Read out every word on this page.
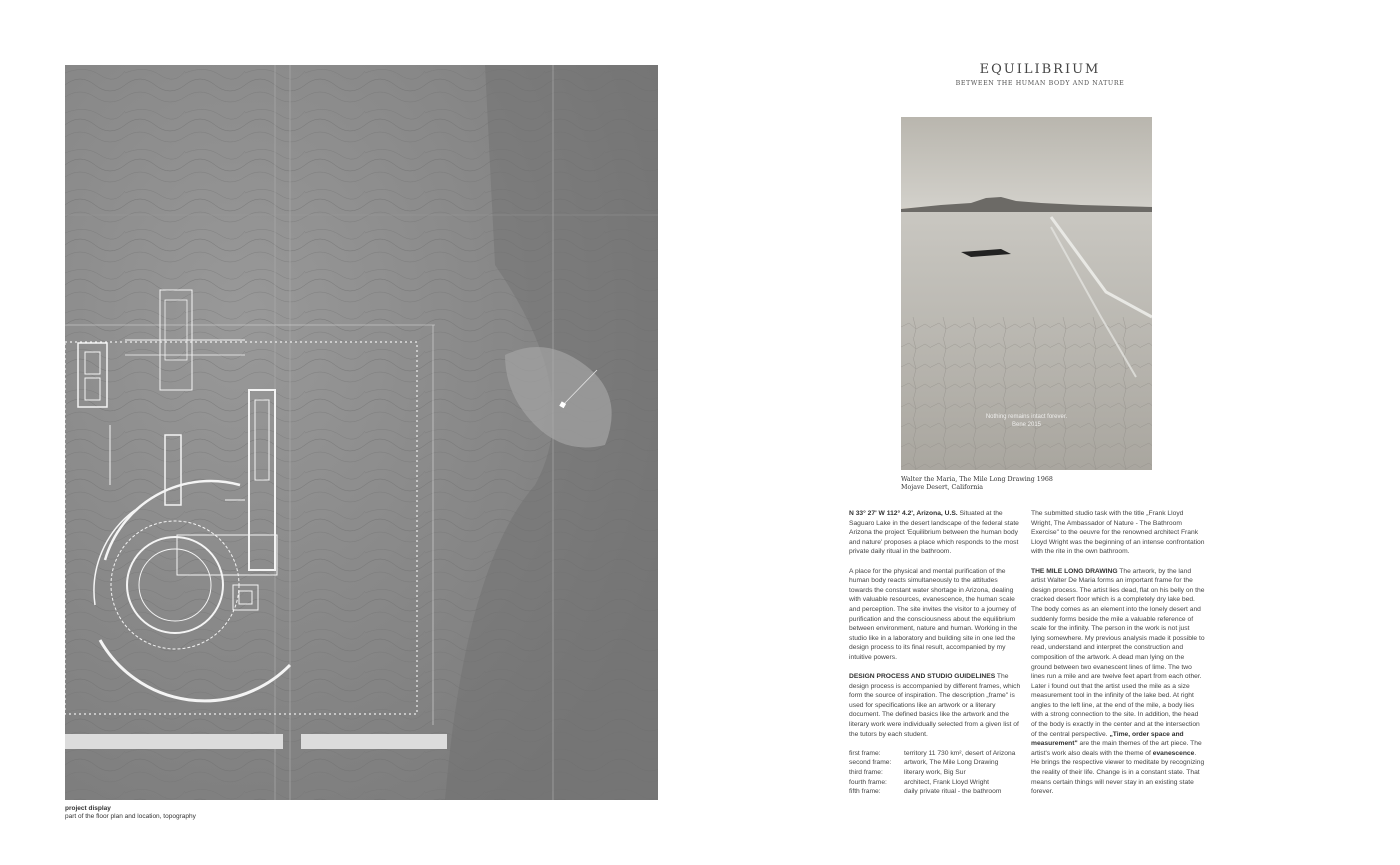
project display
part of the floor plan and location, topography
EQUILIBRIUM
BETWEEN THE HUMAN BODY AND NATURE
Nothing remains intact forever.
Bene 2015
Walter the Maria, The Mile Long Drawing 1968
Mojave Desert, California

N 33° 27' W 112° 4.2', Arizona, U.S. Situated at the Saguaro Lake in the desert landscape of the federal state Arizona the project 'Equilibrium between the human body and nature' proposes a place which responds to the most private daily ritual in the bathroom.

A place for the physical and mental purification of the human body reacts simultaneously to the attitudes towards the constant water shortage in Arizona, dealing with valuable resources, evanescence, the human scale and perception. The site invites the visitor to a journey of purification and the consciousness about the equilibrium between environment, nature and human. Working in the studio like in a laboratory and building site in one led the design process to its final result, accompanied by my intuitive powers.

DESIGN PROCESS AND STUDIO GUIDELINES The design process is accompanied by different frames, which form the source of inspiration. The description „frame" is used for specifications like an artwork or a literary document. The defined basics like the artwork and the literary work were individually selected from a given list of the tutors by each student.

first frame:	territory 11 730 km², desert of Arizona
second frame:	artwork, The Mile Long Drawing
third frame:	literary work, Big Sur
fourth frame:	architect, Frank Lloyd Wright
fifth frame:	daily private ritual - the bathroom

The submitted studio task with the title „Frank Lloyd Wright, The Ambassador of Nature - The Bathroom Exercise" to the oeuvre for the renowned architect Frank Lloyd Wright was the beginning of an intense confrontation with the rite in the own bathroom.

THE MILE LONG DRAWING The artwork, by the land artist Walter De Maria forms an important frame for the design process. The artist lies dead, flat on his belly on the cracked desert floor which is a completely dry lake bed. The body comes as an element into the lonely desert and suddenly forms beside the mile a valuable reference of scale for the infinity. The person in the work is not just lying somewhere. My previous analysis made it possible to read, understand and interpret the construction and composition of the artwork. A dead man lying on the ground between two evanescent lines of lime. The two lines run a mile and are twelve feet apart from each other. Later i found out that the artist used the mile as a size measurement tool in the infinity of the lake bed. At right angles to the left line, at the end of the mile, a body lies with a strong connection to the site. In addition, the head of the body is exactly in the center and at the intersection of the central perspective. „Time, order space and measurement" are the main themes of the art piece. The artist's work also deals with the theme of evanescence. He brings the respective viewer to meditate by recognizing the reality of their life. Change is in a constant state. That means certain things will never stay in an existing state forever.
